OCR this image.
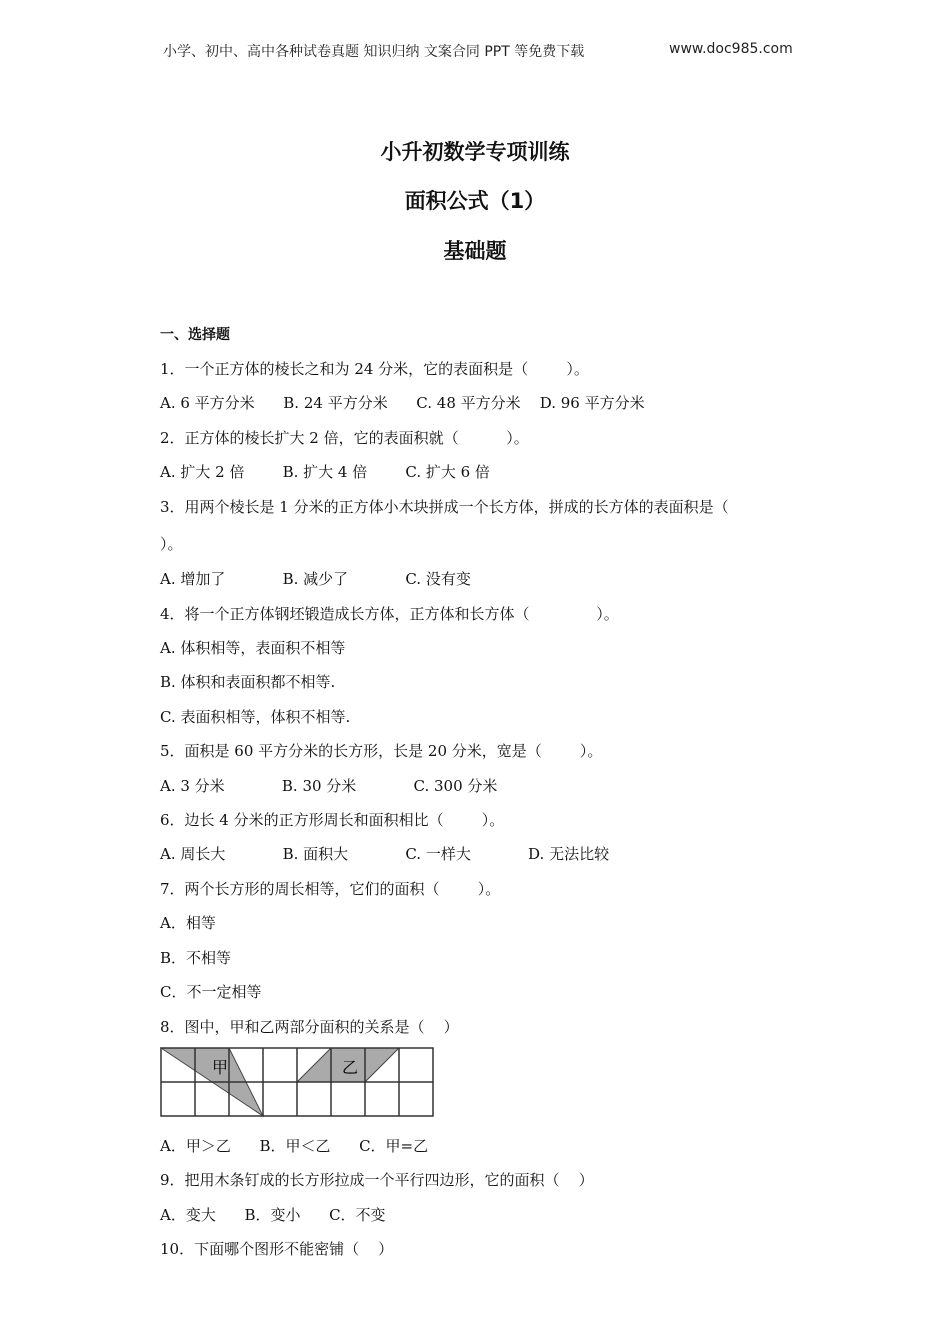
小学、初中、高中各种试卷真题 知识归纳 文案合同 PPT 等免费下载	www.doc985.com
小升初数学专项训练
面积公式（1）
基础题
一、选择题
1．一个正方体的棱长之和为 24 分米，它的表面积是（        ）。
A. 6 平方分米      B. 24 平方分米      C. 48 平方分米    D. 96 平方分米
2．正方体的棱长扩大 2 倍，它的表面积就（          ）。
A. 扩大 2 倍        B. 扩大 4 倍        C. 扩大 6 倍
3．用两个棱长是 1 分米的正方体小木块拼成一个长方体，拼成的长方体的表面积是（
）。
A. 增加了            B. 减少了            C. 没有变
4．将一个正方体钢坯锻造成长方体，正方体和长方体（              ）。
A. 体积相等，表面积不相等
B. 体积和表面积都不相等.
C. 表面积相等，体积不相等.
5．面积是 60 平方分米的长方形，长是 20 分米，宽是（        ）。
A. 3 分米            B. 30 分米            C. 300 分米
6．边长 4 分米的正方形周长和面积相比（        ）。
A. 周长大            B. 面积大            C. 一样大            D. 无法比较
7．两个长方形的周长相等，它们的面积（        ）。
A．相等
B．不相等
C．不一定相等
8．图中，甲和乙两部分面积的关系是（    ）
甲	乙
A．甲＞乙      B．甲＜乙      C．甲=乙
9．把用木条钉成的长方形拉成一个平行四边形，它的面积（    ）
A．变大      B．变小      C．不变
10．下面哪个图形不能密铺（    ）
